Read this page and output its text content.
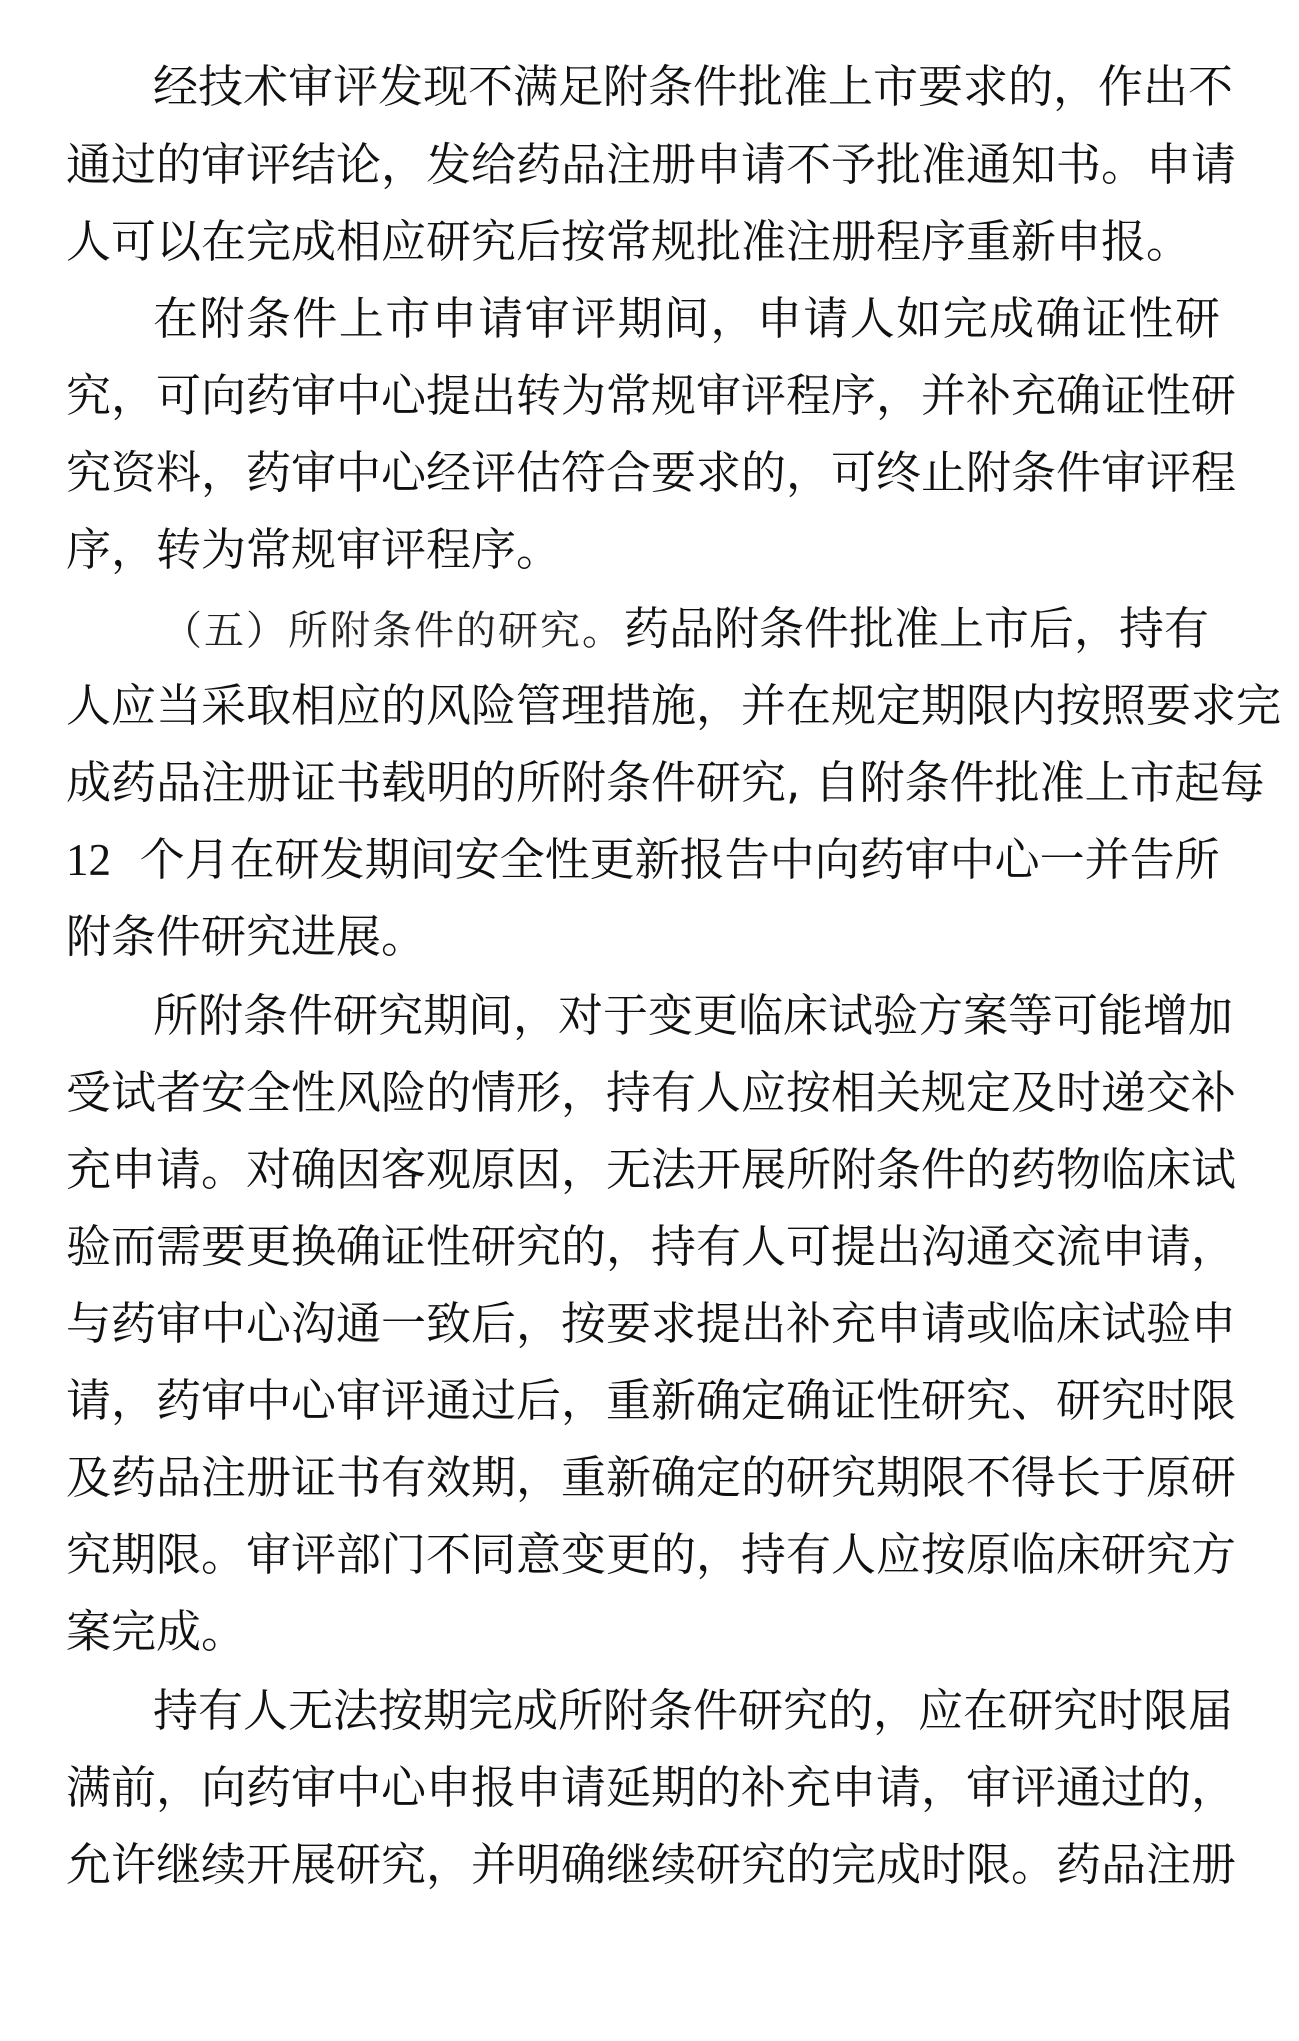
经技术审评发现不满足附条件批准上市要求的，作出不
通过的审评结论，发给药品注册申请不予批准通知书。申请
人可以在完成相应研究后按常规批准注册程序重新申报。
在附条件上市申请审评期间，申请人如完成确证性研
究，可向药审中心提出转为常规审评程序，并补充确证性研
究资料，药审中心经评估符合要求的，可终止附条件审评程
序，转为常规审评程序。
（五）所附条件的研究。药品附条件批准上市后，持有
人应当采取相应的风险管理措施，并在规定期限内按照要求完
成药品注册证书载明的所附条件研究, 自附条件批准上市起每
12 个月在研发期间安全性更新报告中向药审中心一并告所
附条件研究进展。
所附条件研究期间，对于变更临床试验方案等可能增加
受试者安全性风险的情形，持有人应按相关规定及时递交补
充申请。对确因客观原因，无法开展所附条件的药物临床试
验而需要更换确证性研究的，持有人可提出沟通交流申请，
与药审中心沟通一致后，按要求提出补充申请或临床试验申
请，药审中心审评通过后，重新确定确证性研究、研究时限
及药品注册证书有效期，重新确定的研究期限不得长于原研
究期限。审评部门不同意变更的，持有人应按原临床研究方
案完成。
持有人无法按期完成所附条件研究的，应在研究时限届
满前，向药审中心申报申请延期的补充申请，审评通过的，
允许继续开展研究，并明确继续研究的完成时限。药品注册
